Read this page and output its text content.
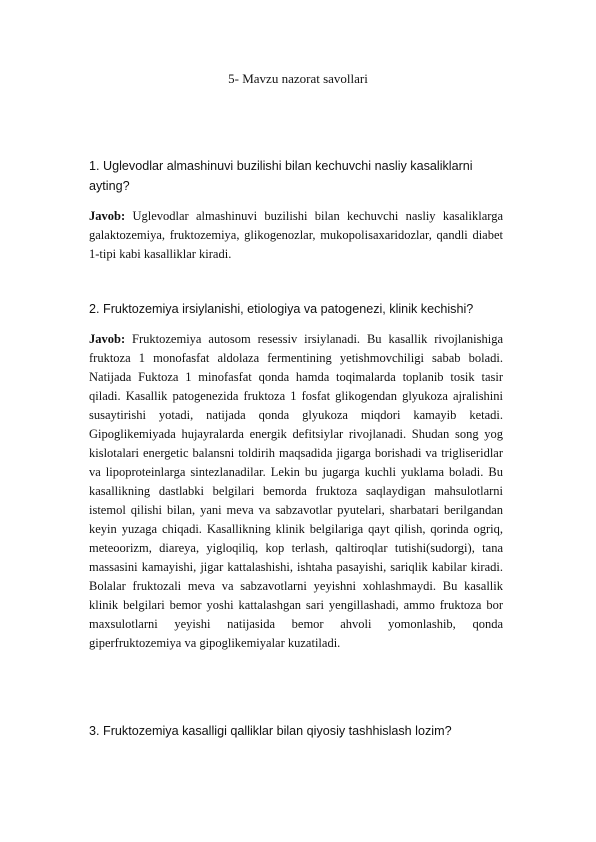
5- Mavzu nazorat savollari
1. Uglevodlar almashinuvi buzilishi bilan kechuvchi nasliy kasaliklarni ayting?
Javob: Uglevodlar almashinuvi buzilishi bilan kechuvchi nasliy kasaliklarga galaktozemiya, fruktozemiya, glikogenozlar, mukopolisaxaridozlar, qandli diabet 1-tipi kabi kasalliklar kiradi.
2. Fruktozemiya irsiylanishi, etiologiya va patogenezi, klinik kechishi?
Javob: Fruktozemiya autosom resessiv irsiylanadi. Bu kasallik rivojlanishiga fruktoza 1 monofasfat aldolaza fermentining yetishmovchiligi sabab boladi. Natijada Fuktoza 1 minofasfat qonda hamda toqimalarda toplanib tosik tasir qiladi. Kasallik patogenezida fruktoza 1 fosfat glikogendan glyukoza ajralishini susaytirishi yotadi, natijada qonda glyukoza miqdori kamayib ketadi. Gipoglikemiyada hujayralarda energik defitsiylar rivojlanadi. Shudan song yog kislotalari energetic balansni toldirih maqsadida jigarga borishadi va trigliseridlar va lipoproteinlarga sintezlanadilar. Lekin bu jugarga kuchli yuklama boladi. Bu kasallikning dastlabki belgilari bemorda fruktoza saqlaydigan mahsulotlarni istemol qilishi bilan, yani meva va sabzavotlar pyutelari, sharbatari berilgandan keyin yuzaga chiqadi. Kasallikning klinik belgilariga qayt qilish, qorinda ogriq, meteoorizm, diareya, yigloqiliq, kop terlash, qaltiroqlar tutishi(sudorgi), tana massasini kamayishi, jigar kattalashishi, ishtaha pasayishi, sariqlik kabilar kiradi. Bolalar fruktozali meva va sabzavotlarni yeyishni xohlashmaydi. Bu kasallik klinik belgilari bemor yoshi kattalashgan sari yengillashadi, ammo fruktoza bor maxsulotlarni yeyishi natijasida bemor ahvoli yomonlashib, qonda giperfruktozemiya va gipoglikemiyalar kuzatiladi.
3. Fruktozemiya kasalligi qalliklar bilan qiyosiy tashhislash lozim?
